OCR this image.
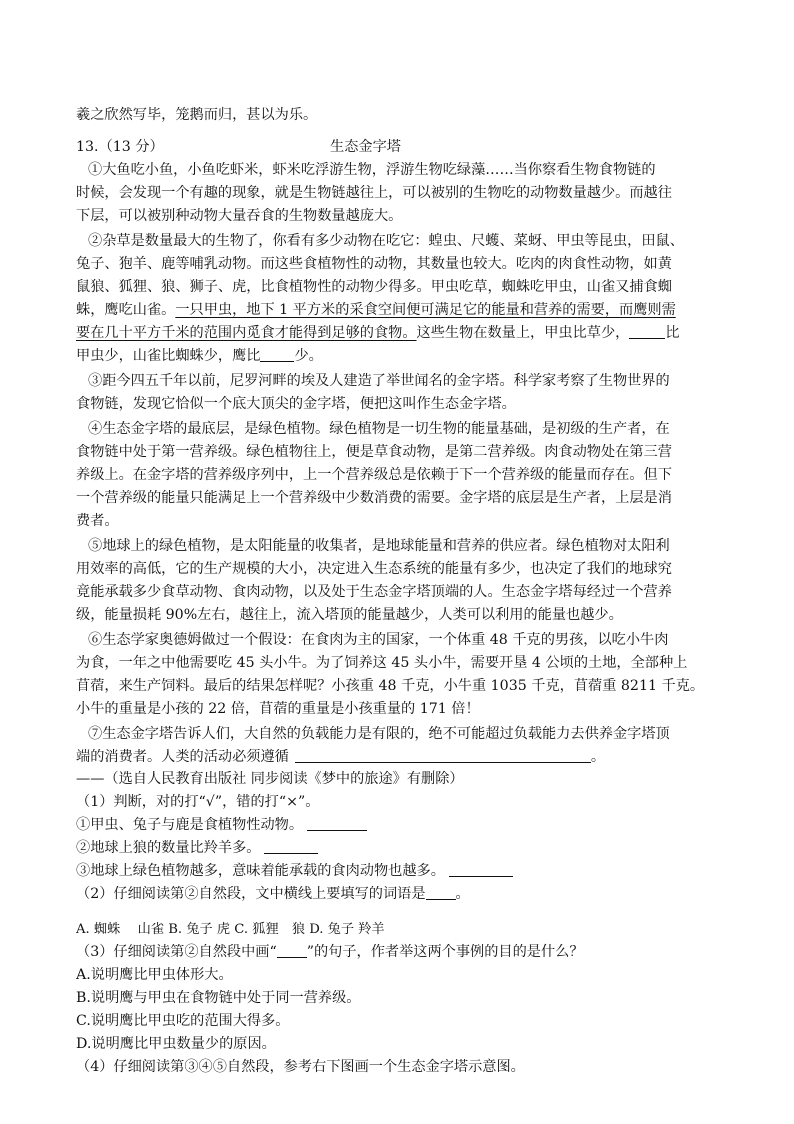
羲之欣然写毕，笼鹅而归，甚以为乐。
13.（13 分）	生态金字塔
①大鱼吃小鱼，小鱼吃虾米，虾米吃浮游生物，浮游生物吃绿藻……当你察看生物食物链的
时候，会发现一个有趣的现象，就是生物链越往上，可以被别的生物吃的动物数量越少。而越往
下层，可以被别种动物大量吞食的生物数量越庞大。
②杂草是数量最大的生物了，你看有多少动物在吃它：蝗虫、尺蠖、菜蚜、甲虫等昆虫，田鼠、
兔子、狍羊、鹿等哺乳动物。而这些食植物性的动物，其数量也较大。吃肉的肉食性动物，如黄
鼠狼、狐狸、狼、狮子、虎，比食植物性的动物少得多。甲虫吃草，蜘蛛吃甲虫，山雀又捕食蜘
蛛，鹰吃山雀。一只甲虫，地下 1 平方米的采食空间便可满足它的能量和营养的需要，而鹰则需
要在几十平方千米的范围内觅食才能得到足够的食物。这些生物在数量上，甲虫比草少，	比
甲虫少，山雀比蜘蛛少，鹰比 少。
③距今四五千年以前，尼罗河畔的埃及人建造了举世闻名的金字塔。科学家考察了生物世界的
食物链，发现它恰似一个底大顶尖的金字塔，便把这叫作生态金字塔。
④生态金字塔的最底层，是绿色植物。绿色植物是一切生物的能量基础，是初级的生产者，在
食物链中处于第一营养级。绿色植物往上，便是草食动物，是第二营养级。肉食动物处在第三营
养级上。在金字塔的营养级序列中，上一个营养级总是依赖于下一个营养级的能量而存在。但下
一个营养级的能量只能满足上一个营养级中少数消费的需要。金字塔的底层是生产者，上层是消
费者。
⑤地球上的绿色植物，是太阳能量的收集者，是地球能量和营养的供应者。绿色植物对太阳利
用效率的高低，它的生产规模的大小，决定进入生态系统的能量有多少，也决定了我们的地球究
竟能承载多少食草动物、食肉动物，以及处于生态金字塔顶端的人。生态金字塔每经过一个营养
级，能量损耗 90%左右，越往上，流入塔顶的能量越少，人类可以利用的能量也越少。
⑥生态学家奥德姆做过一个假设：在食肉为主的国家，一个体重 48 千克的男孩，以吃小牛肉
为食，一年之中他需要吃 45 头小牛。为了饲养这 45 头小牛，需要开垦 4 公顷的土地，全部种上
苜蓿，来生产饲料。最后的结果怎样呢？小孩重 48 千克，小牛重 1035 千克，苜蓿重 8211 千克。
小牛的重量是小孩的 22 倍，苜蓿的重量是小孩重量的 171 倍！
⑦生态金字塔告诉人们，大自然的负载能力是有限的，绝不可能超过负载能力去供养金字塔顶
端的消费者。人类的活动必须遵循	。
——（选自人民教育出版社 同步阅读《梦中的旅途》有删除）
（1）判断，对的打“√”，错的打“×”。
①甲虫、兔子与鹿是食植物性动物。
②地球上狼的数量比羚羊多。
③地球上绿色植物越多，意味着能承载的食肉动物也越多。
（2）仔细阅读第②自然段，文中横线上要填写的词语是 。
A. 蜘蛛　 山雀 B. 兔子 虎 C. 狐狸　狼 D. 兔子 羚羊
（3）仔细阅读第②自然段中画“ ”的句子，作者举这两个事例的目的是什么？
A.说明鹰比甲虫体形大。
B.说明鹰与甲虫在食物链中处于同一营养级。
C.说明鹰比甲虫吃的范围大得多。
D.说明鹰比甲虫数量少的原因。
（4）仔细阅读第③④⑤自然段，参考右下图画一个生态金字塔示意图。
